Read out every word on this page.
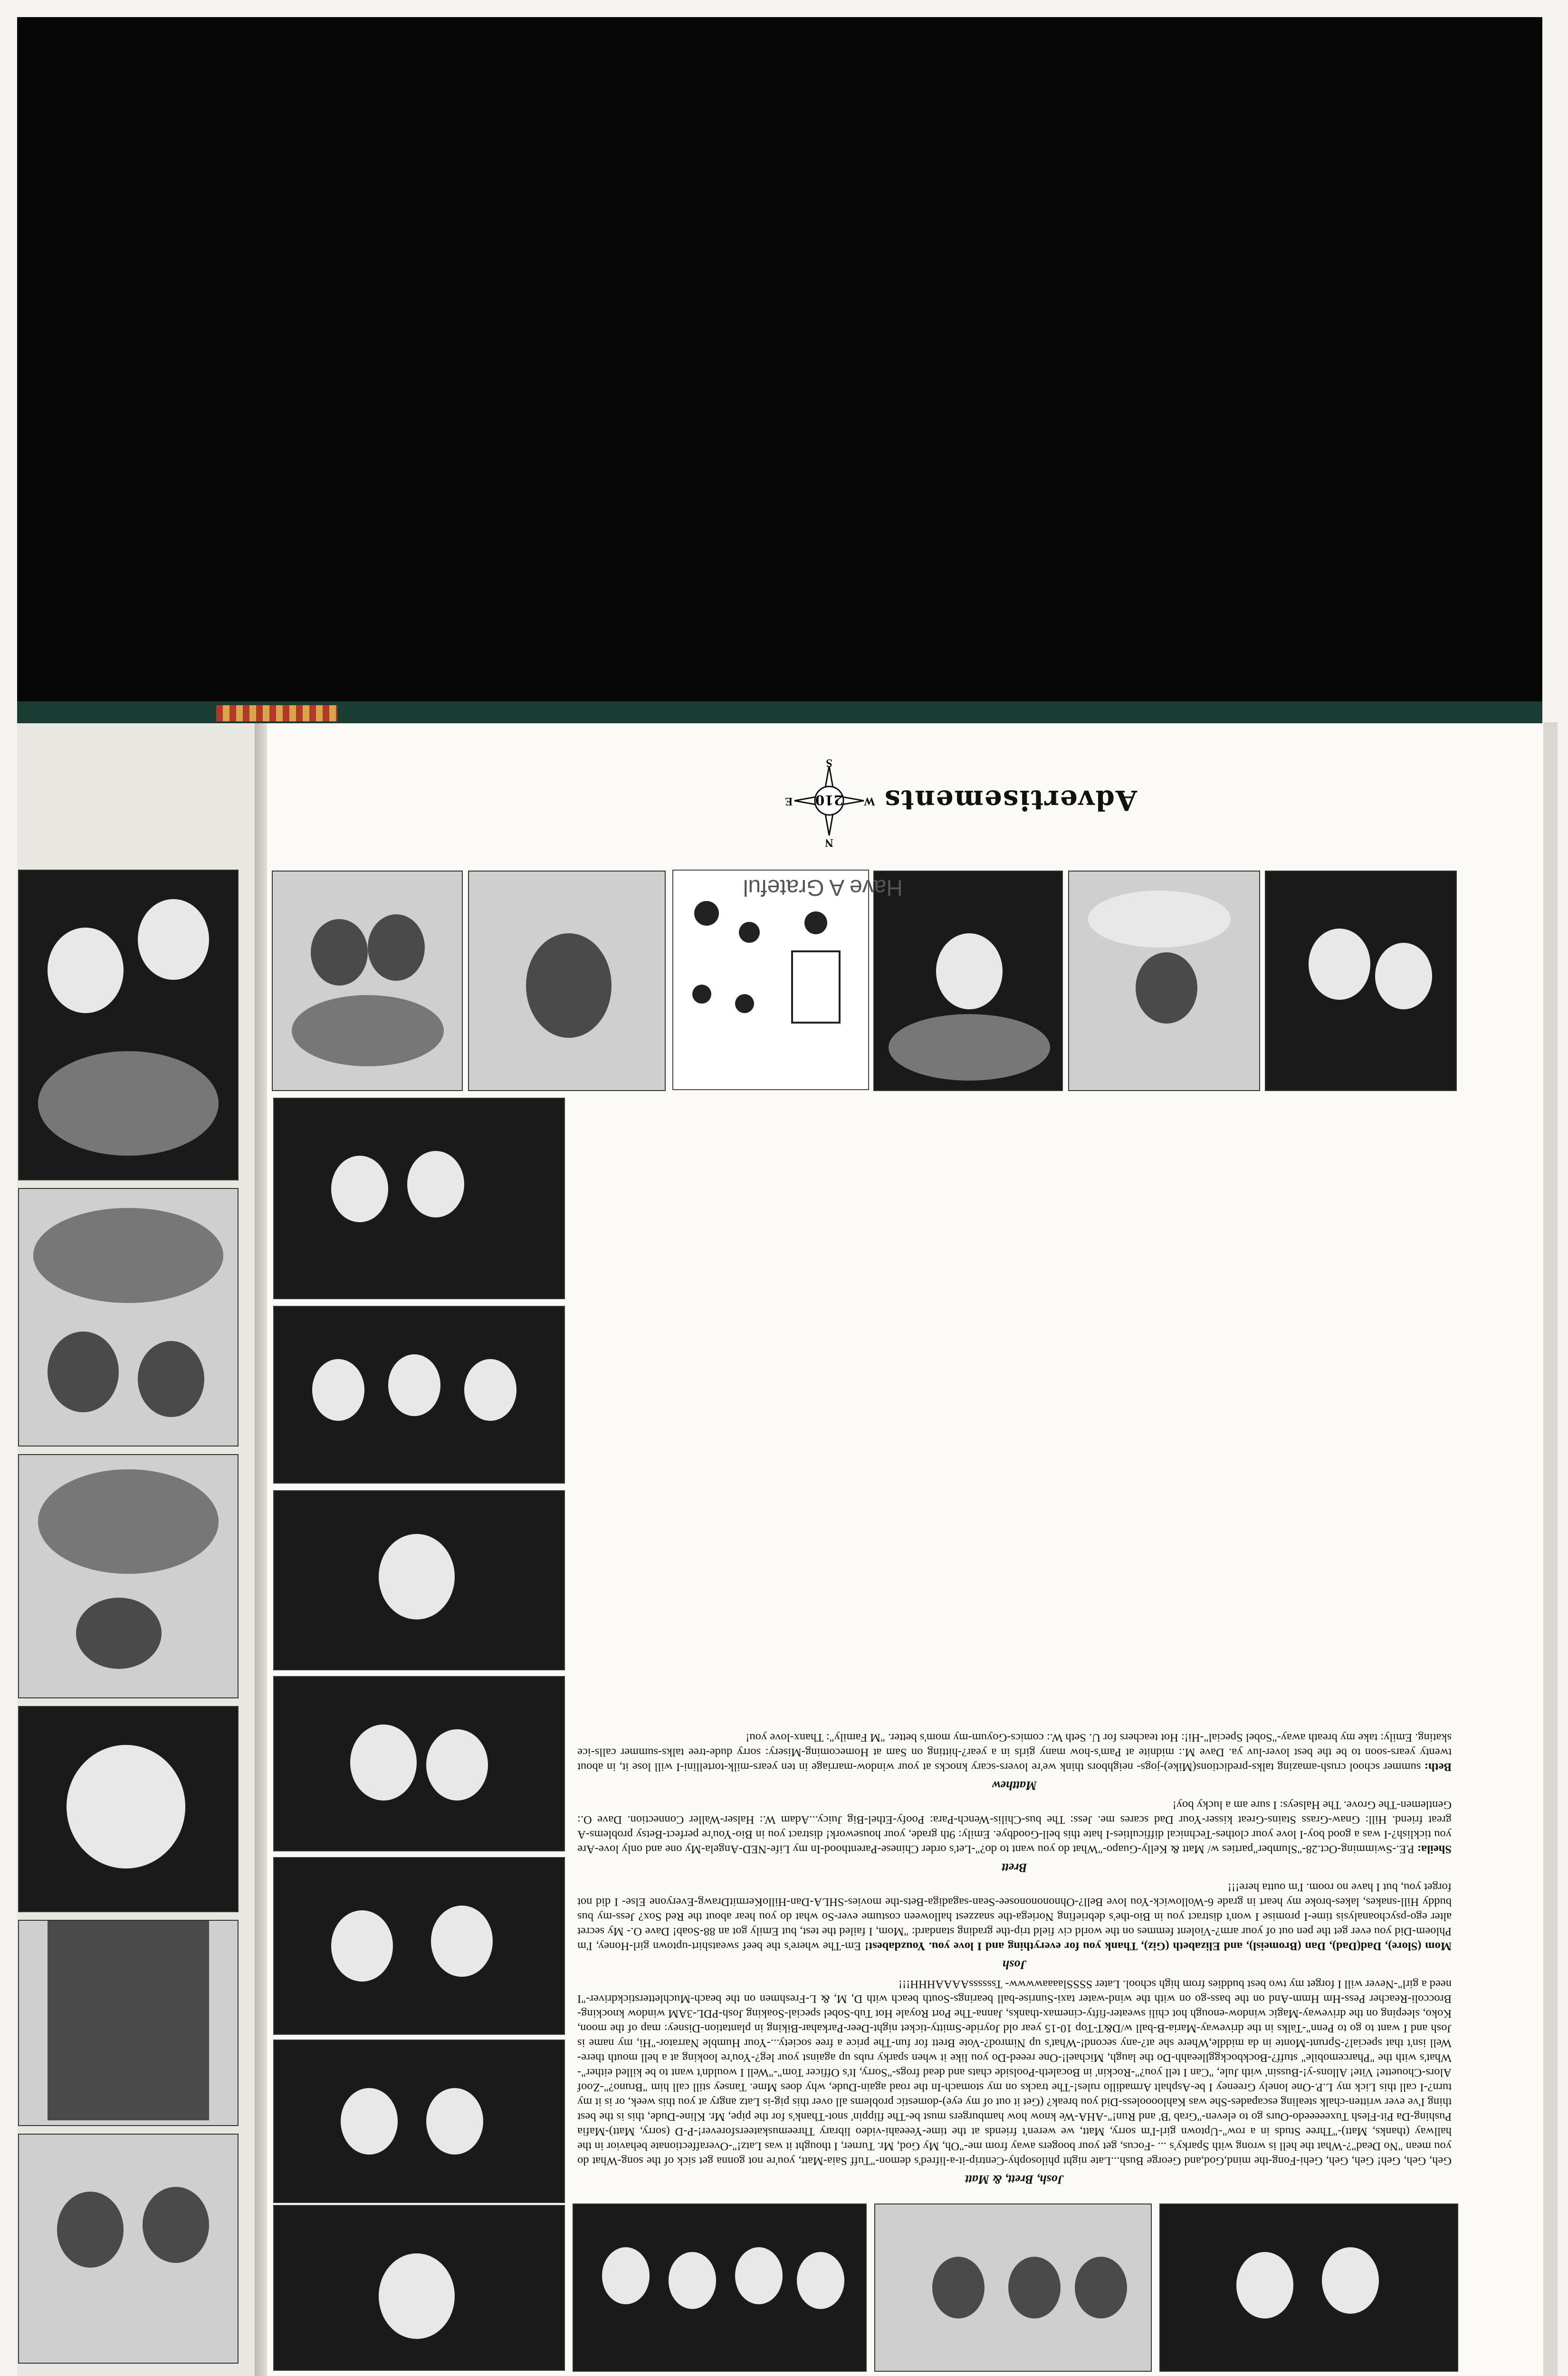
210
N
S
E	W Advertisements
Have A Grateful
Josh, Brett, & Matt

Geh, Geh, Geh! Geh, Geh, Gehi-Fong-the mind,God,and George Bush...Late night philosophy-Centrip-it-a-lifred's demon-"Tuff Saia-Matt, you're not gonna get sick of the song-What do you mean "No Dead"?-What the hell is wrong with Sparky's ... -Focus, get your boogers away from me-"Oh, My God, Mr. Turner, I thought it was Latz!"-Overaffectionate behavior in the hallway (thanks, Matt)-"Three Studs in a row"-Uptown girl-I'm sorry, Matt, we weren't friends at the time-Yeeeahi-video library Threemuskateersforever!-P-D (sorry, Matt)-Mafia Pushing-Da Pit-Flesh Tuxeeeeedo-Ours go to eleven-"Grab 'B' and Run!"-AHA-We know how hamburgers must be-The flippin' snot-Thank's for the pipe, Mr. Kline-Dude, this is the best thing I've ever written-chalk stealing escapades-She was Kahlooooless-Did you break? (Get it out of my eye)-domestic problems all over this pig-is Latz angry at you this week, or is it my turn?-I call this Lick my L.P.-One lonely Greeney I be-Asphalt Armadillo rules!-The tracks on my stomach-In the road again-Dude, why does Mme. Tansey still call him "Bruno?"-Zoof Alors-Chouette! Vite! Allons-y!-Bussin' with Jule, "Can I tell you?"-Rockin' in Bocaleth-Poolside chats and dead frogs-"Sorry, It's Officer Tom"-"Well I wouldn't want to be killed either"-What's with the "Pharcemobile" stuff?-Bockbockgglleeahh-Do the laugh, Michael!-One reeed-Do you like it when sparky rubs up against your leg?-You're looking at a hell mouth there-Well isn't that special?-Sprunt-Monte in da middle,Where she at?-any second!-What's up Nimrod?-Vote Brett for fun-The price a free society...-Your Humble Narrator-"Hi, my name is Josh and I want to go to Penn"-Talks in the driveway-Maria-B-ball w/D&T-Top 10-15 year old Joyride-Smitty-ticket night-Deer-Parkahar-Biking in plantation-Disney: map of the moon, Koko, sleeping on the driveway-Magic window-enough hot chili sweater-fifty-cinemax-thanks, Janna-The Port Royale Hot Tub-Sobel special-Soaking Josh-PDL-3AM window knocking-Broccoli-Reacher Pess-Hm Hmm-And on the bass-go on with the wind-water taxi-Sunrise-ball bearings-South beach with D, M, & L-Freshmen on the beach-Muchletterstickdriver-"I need a girl"-Never will I forget my two best buddies from high school. Later SSSSlaaaawwww- TssssssAAAAHHH!!!

Josh

Mom (Slore), Dad(Dad), Dan (Bromeisl), and Elizabeth (Giz), Thank you for everything and I love you. Youzdabest! Em-The where's the beef sweatshirt-uptown girl-Honey, I'm Phloem-Did you ever get the pen out of your arm?-Violent femmes on the world civ field trip-the grading standard: "Mom, I failed the test, but Emily got an 88-Soab! Dave O.- My secret alter ego-psychoanalysis time-I promise I won't distract you in Bio-the's debriefing Noriega-the snazzest halloween costume ever-So what do you hear about the Red Sox? Jess-my bus buddy Hill-snakes, lakes-broke my heart in grade 6-Wollowick-You love Bell?-Ohnonononosee-Sean-sagadiga-Bets-the movies-SHLA-Dan-HilloKermitDrawg-Everyone Else- I did not forget you, but I have no room. I'm outta here!!!

Brett

Sheila: P.E.-Swimming-Oct.28-"Slumber"parties w/ Matt & Kelly-Guapo-"What do you want to do?"-Let's order Chinese-Parenthood-In my Life-NED-Angela-My one and only love-Are you ticklish?-I was a good boy-I love your clothes-Technical difficulties-I hate this bell-Goodbye. Emily: 9th grade, your housework! distract you in Bio-You're perfect-Betsy problems-A great friend. Hill: Gnaw-Grass Stains-Great kisser-Your Dad scares me. Jess: The bus-Chilis-Wench-Para: Poofy-Ethel-Big Juicy...Adam W.: Halser-Waller Connection. Dave O.: Gentlemen-The Grove. The Halseys: I sure am a lucky boy!

Matthew

Beth: summer school crush-amazing talks-predictions(Mike)-jogs- neighbors think we're lovers-scary knocks at your window-marriage in ten years-milk-tortellini-I will lose it, in about twenty years-soon to be the best lover-luv ya. Dave M.: midnite at Pam's-how many girls in a year?-hitting on Sam at Homecoming-Misery: sorry dude-tree talks-summer calls-ice skating. Emily: take my breath away-"Sobel Special"-Hi!: Hot teachers for U. Seth W.: comics-Goyum-my mom's better. "M Family": Thanx-love you!
